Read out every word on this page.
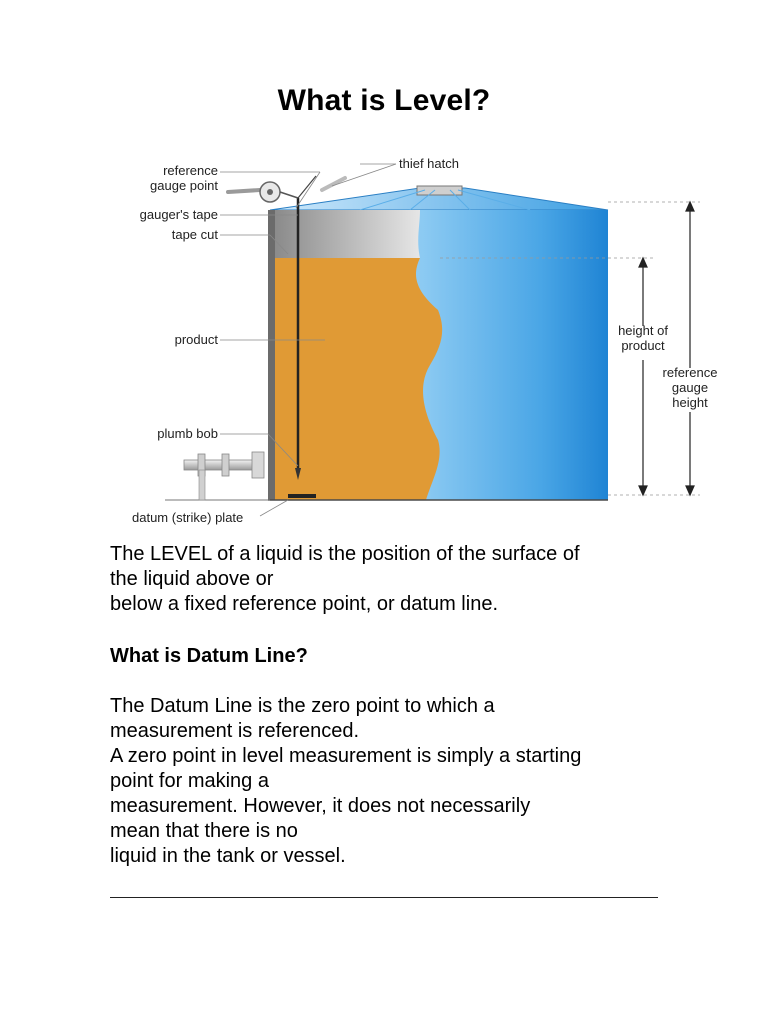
What is Level?
reference
gauge point
thief hatch
gauger's tape
tape cut
product
plumb bob
datum (strike) plate
height of
product
reference
gauge
height
The LEVEL of a liquid is the position of the surface of
the liquid above or
below a fixed reference point, or datum line.
What is Datum Line?
The Datum Line is the zero point to which a
measurement is referenced.
A zero point in level measurement is simply a starting
point for making a
measurement. However, it does not necessarily
mean that there is no
liquid in the tank or vessel.
